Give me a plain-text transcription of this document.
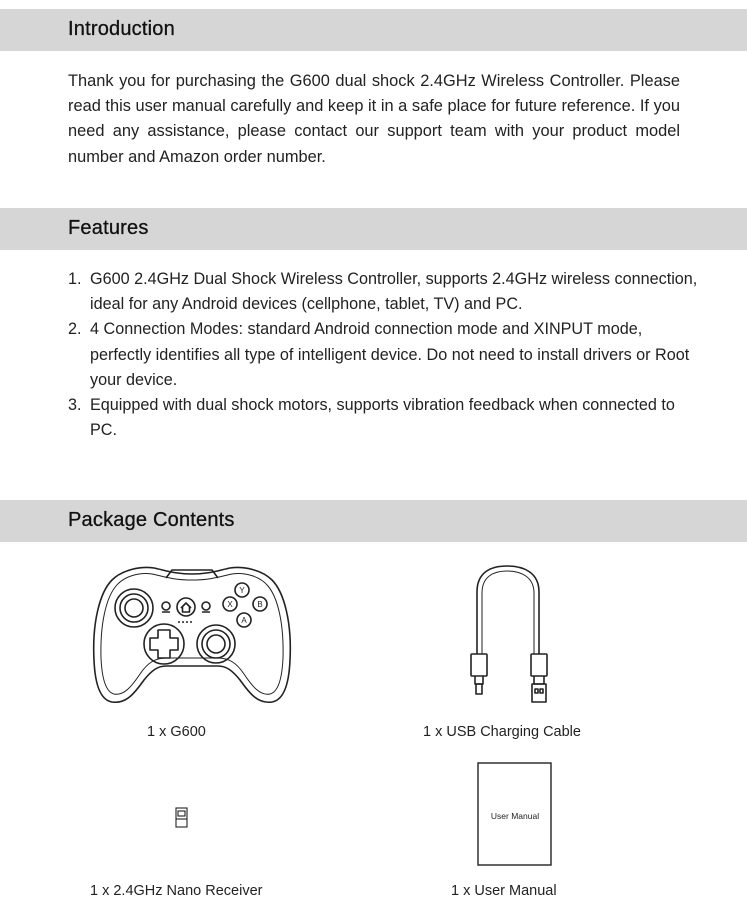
Introduction

Thank you for purchasing the G600 dual shock 2.4GHz Wireless Controller. Please read this user manual carefully and keep it in a safe place for future reference. If you need any assistance, please contact our support team with your product model number and Amazon order number.

Features
1. G600 2.4GHz Dual Shock Wireless Controller, supports 2.4GHz wireless connection, ideal for any Android devices (cellphone, tablet, TV) and PC.
2. 4 Connection Modes: standard Android connection mode and XINPUT mode, perfectly identifies all type of intelligent device. Do not need to install drivers or Root your device.
3. Equipped with dual shock motors, supports vibration feedback when connected to PC.
Package Contents
Y
X	B
A
1 x G600	1 x USB Charging Cable
1 x 2.4GHz Nano Receiver
User Manual
1 x User Manual
